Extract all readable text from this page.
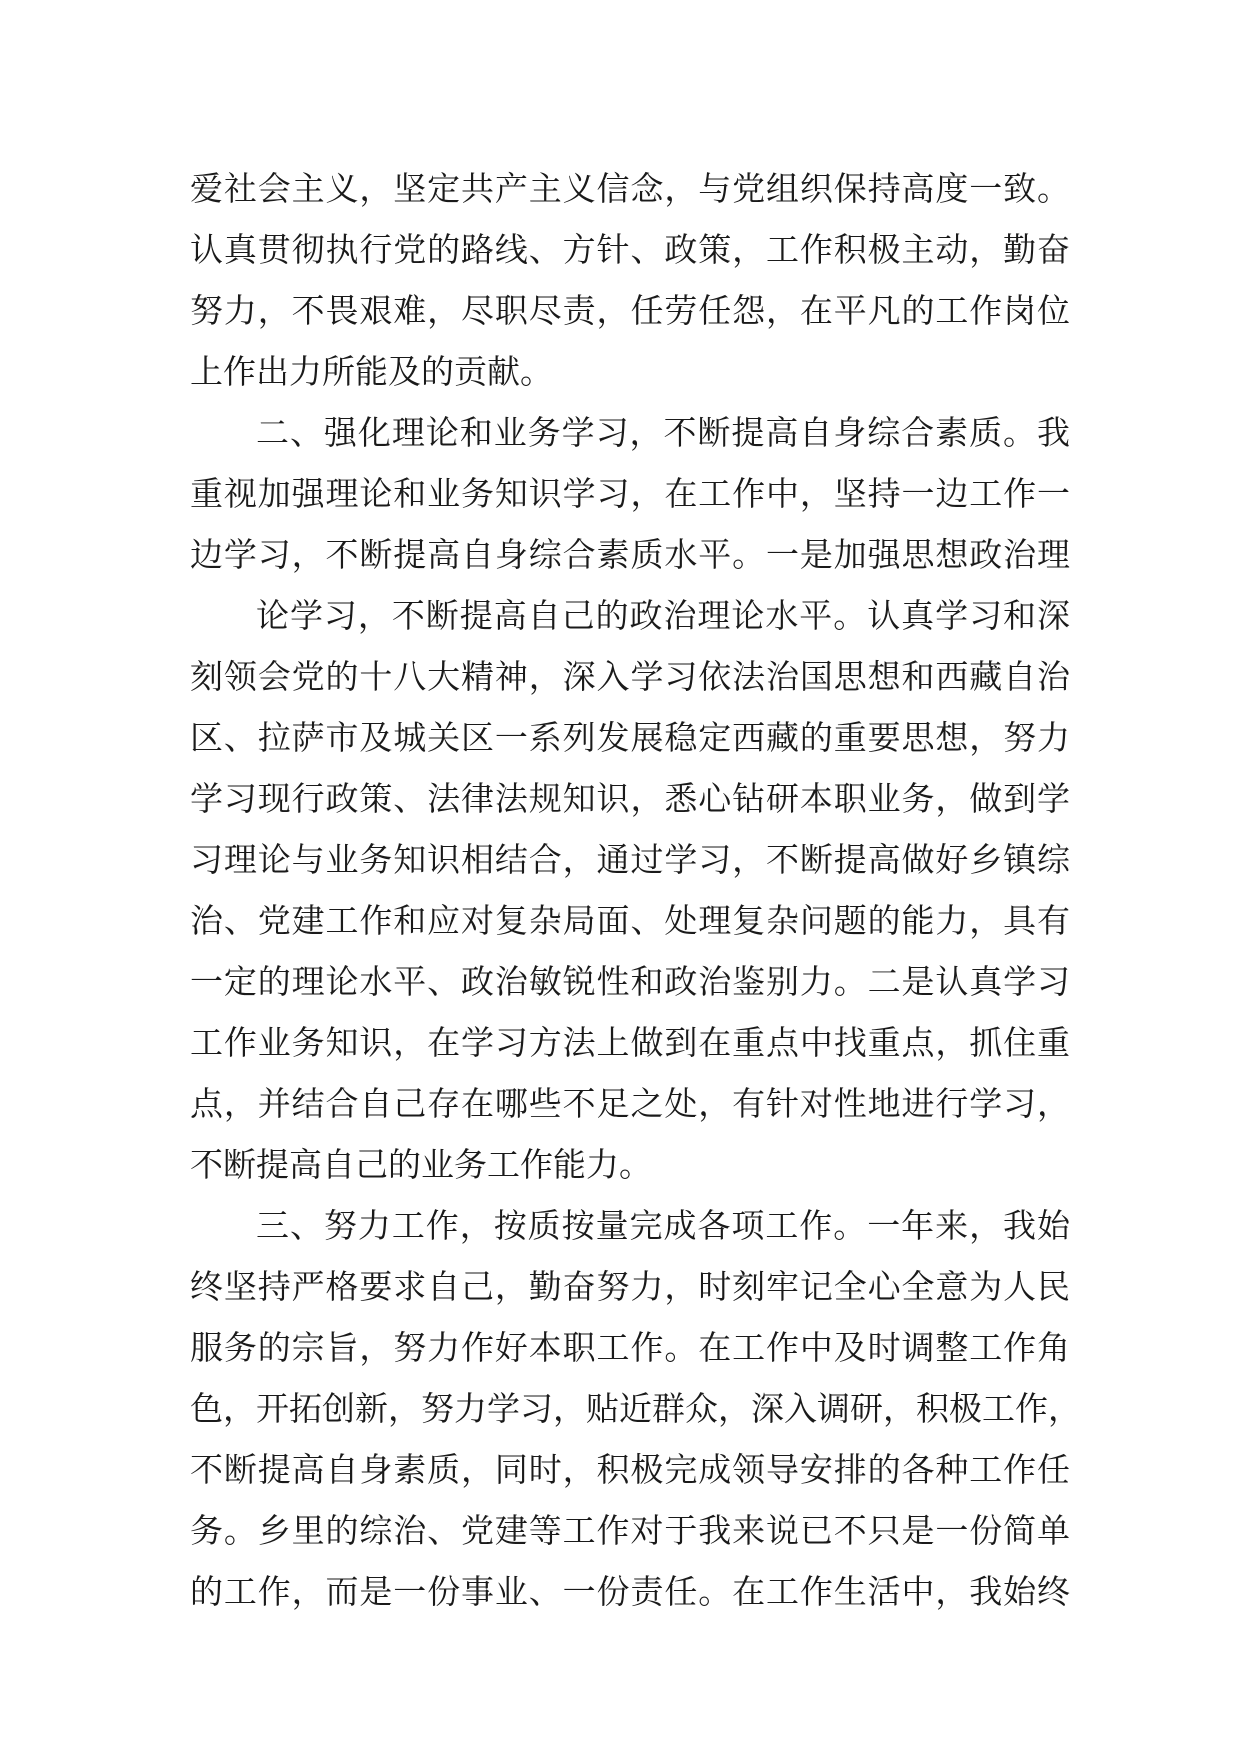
爱社会主义，坚定共产主义信念，与党组织保持高度一致。
认真贯彻执行党的路线、方针、政策，工作积极主动，勤奋
努力，不畏艰难，尽职尽责，任劳任怨，在平凡的工作岗位
上作出力所能及的贡献。
二、强化理论和业务学习，不断提高自身综合素质。我
重视加强理论和业务知识学习，在工作中，坚持一边工作一
边学习，不断提高自身综合素质水平。一是加强思想政治理
论学习，不断提高自己的政治理论水平。认真学习和深
刻领会党的十八大精神，深入学习依法治国思想和西藏自治
区、拉萨市及城关区一系列发展稳定西藏的重要思想，努力
学习现行政策、法律法规知识，悉心钻研本职业务，做到学
习理论与业务知识相结合，通过学习，不断提高做好乡镇综
治、党建工作和应对复杂局面、处理复杂问题的能力，具有
一定的理论水平、政治敏锐性和政治鉴别力。二是认真学习
工作业务知识，在学习方法上做到在重点中找重点，抓住重
点，并结合自己存在哪些不足之处，有针对性地进行学习，
不断提高自己的业务工作能力。
三、努力工作，按质按量完成各项工作。一年来，我始
终坚持严格要求自己，勤奋努力，时刻牢记全心全意为人民
服务的宗旨，努力作好本职工作。在工作中及时调整工作角
色，开拓创新，努力学习，贴近群众，深入调研，积极工作，
不断提高自身素质，同时，积极完成领导安排的各种工作任
务。乡里的综治、党建等工作对于我来说已不只是一份简单
的工作，而是一份事业、一份责任。在工作生活中，我始终
